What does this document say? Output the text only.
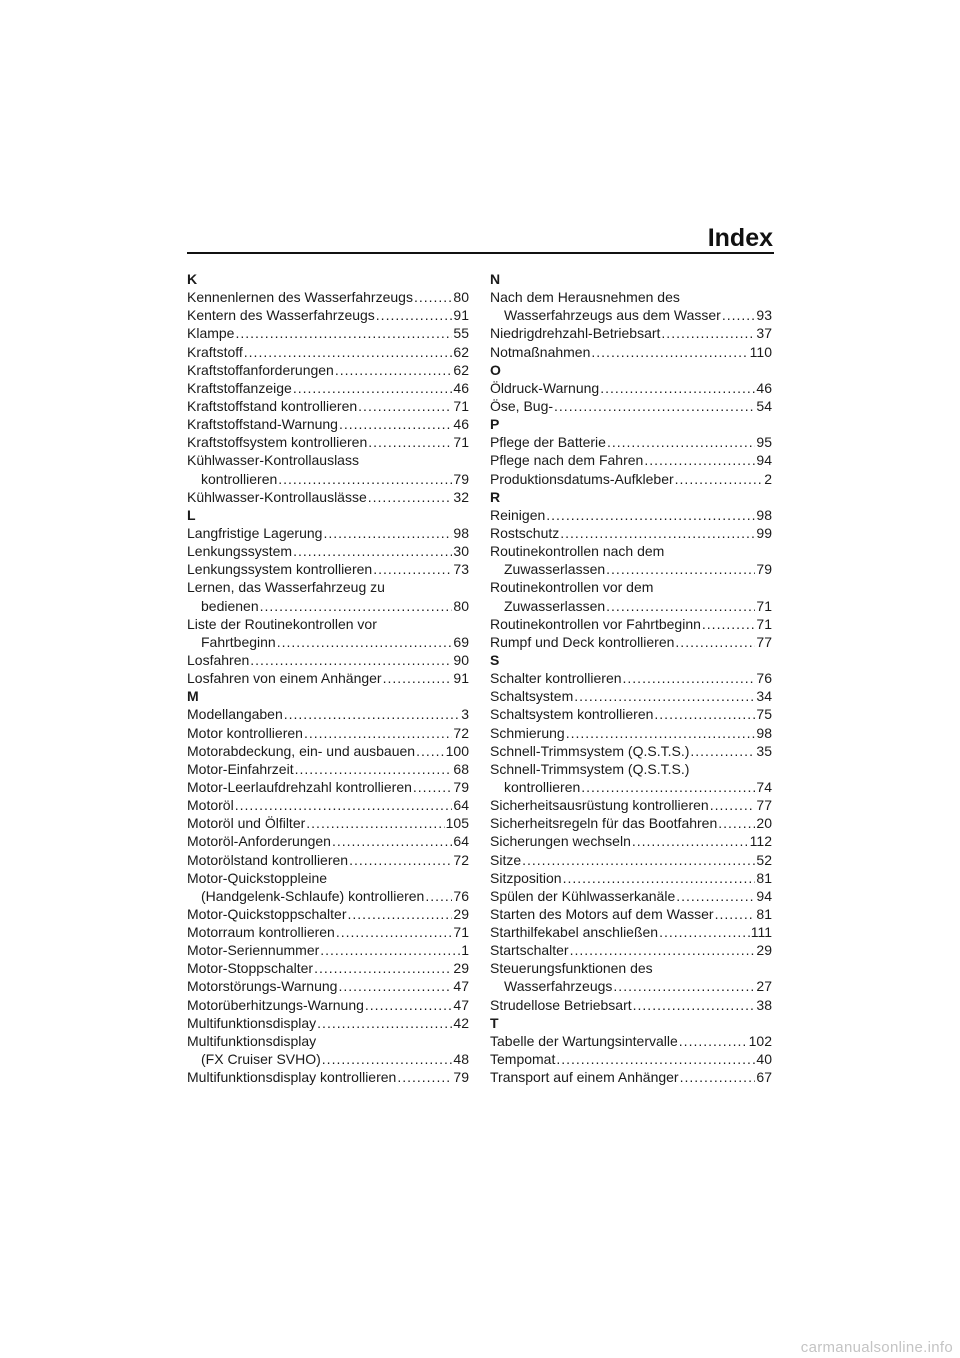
Index
K
Kennenlernen des Wasserfahrzeugs .....	80
Kentern des Wasserfahrzeugs .....	91
Klampe .....	55
Kraftstoff .....	62
Kraftstoffanforderungen .....	62
Kraftstoffanzeige .....	46
Kraftstoffstand kontrollieren .....	71
Kraftstoffstand-Warnung .....	46
Kraftstoffsystem kontrollieren .....	71
Kühlwasser-Kontrollauslass
kontrollieren .....	79
Kühlwasser-Kontrollauslässe .....	32
L
Langfristige Lagerung .....	98
Lenkungssystem .....	30
Lenkungssystem kontrollieren .....	73
Lernen, das Wasserfahrzeug zu
bedienen .....	80
Liste der Routinekontrollen vor
Fahrtbeginn .....	69
Losfahren .....	90
Losfahren von einem Anhänger .....	91
M
Modellangaben .....	3
Motor kontrollieren .....	72
Motorabdeckung, ein- und ausbauen ..... 100
Motor-Einfahrzeit .....	68
Motor-Leerlaufdrehzahl kontrollieren .....	79
Motoröl .....	64
Motoröl und Ölfilter .....	105
Motoröl-Anforderungen .....	64
Motorölstand kontrollieren .....	72
Motor-Quickstoppleine
(Handgelenk-Schlaufe) kontrollieren ..... 76
Motor-Quickstoppschalter .....	29
Motorraum kontrollieren .....	71
Motor-Seriennummer .....	1
Motor-Stoppschalter .....	29
Motorstörungs-Warnung .....	47
Motorüberhitzungs-Warnung .....	47
Multifunktionsdisplay .....	42
Multifunktionsdisplay
(FX Cruiser SVHO) .....	48
Multifunktionsdisplay kontrollieren .....	79
N
Nach dem Herausnehmen des
Wasserfahrzeugs aus dem Wasser .....	93
Niedrigdrehzahl-Betriebsart .....	37
Notmaßnahmen .....	110
O
Öldruck-Warnung .....	46
Öse, Bug- .....	54
P
Pflege der Batterie .....	95
Pflege nach dem Fahren .....	94
Produktionsdatums-Aufkleber .....	2
R
Reinigen .....	98
Rostschutz .....	99
Routinekontrollen nach dem
Zuwasserlassen .....	79
Routinekontrollen vor dem
Zuwasserlassen .....	71
Routinekontrollen vor Fahrtbeginn .....	71
Rumpf und Deck kontrollieren .....	77
S
Schalter kontrollieren .....	76
Schaltsystem .....	34
Schaltsystem kontrollieren .....	75
Schmierung .....	98
Schnell-Trimmsystem (Q.S.T.S.) .....	35
Schnell-Trimmsystem (Q.S.T.S.)
kontrollieren .....	74
Sicherheitsausrüstung kontrollieren .....	77
Sicherheitsregeln für das Bootfahren .....	20
Sicherungen wechseln .....	112
Sitze .....	52
Sitzposition .....	81
Spülen der Kühlwasserkanäle .....	94
Starten des Motors auf dem Wasser .....	81
Starthilfekabel anschließen .....	111
Startschalter .....	29
Steuerungsfunktionen des
Wasserfahrzeugs .....	27
Strudellose Betriebsart .....	38
T
Tabelle der Wartungsintervalle .....	102
Tempomat .....	40
Transport auf einem Anhänger .....	67
carmanualsonline.info
